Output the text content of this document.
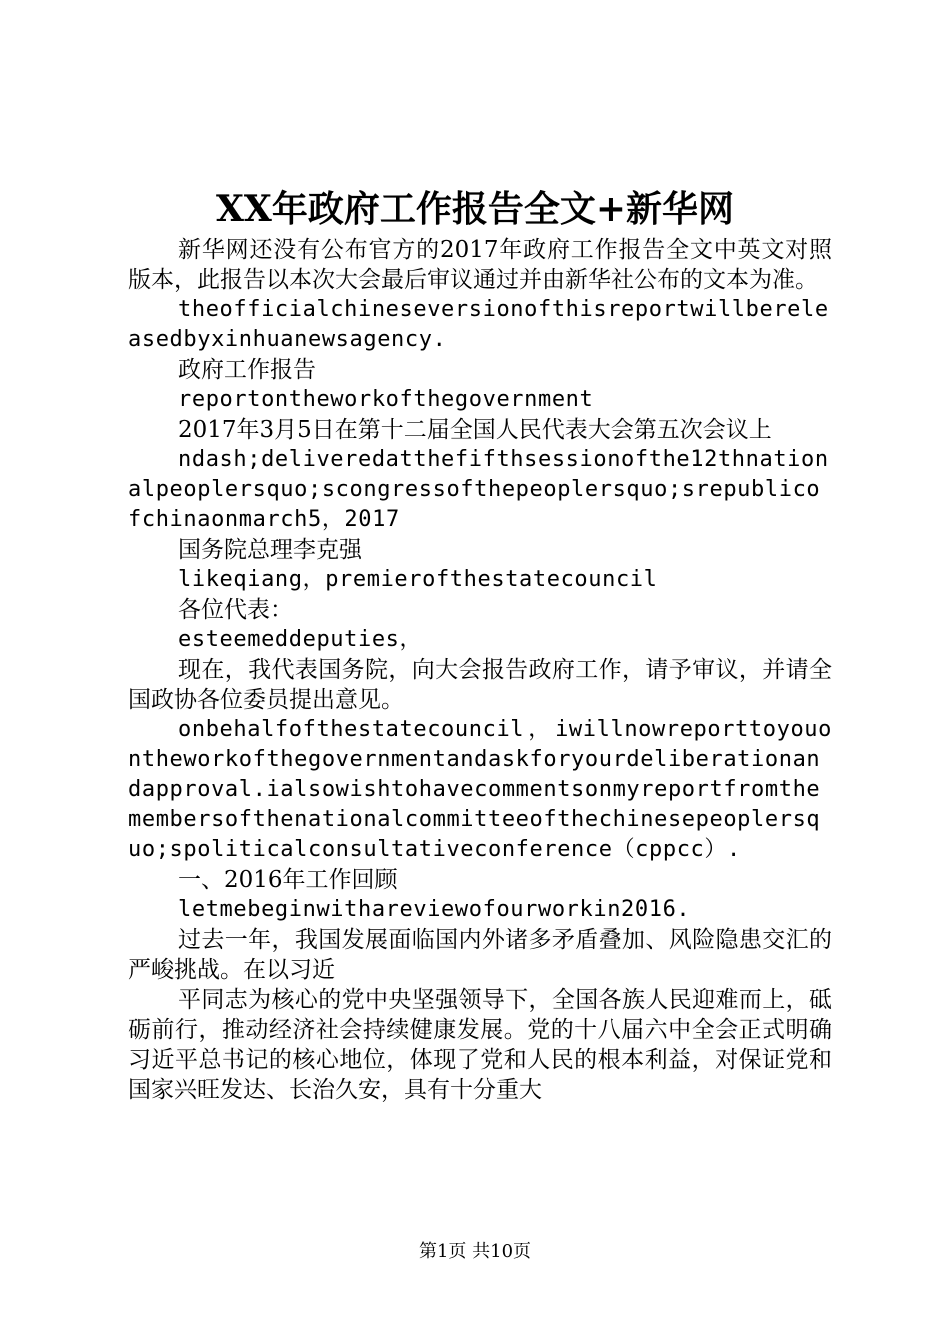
XX年政府工作报告全文+新华网

新华网还没有公布官方的2017年政府工作报告全文中英文对照版本，此报告以本次大会最后审议通过并由新华社公布的文本为准。

theofficialchineseversionofthisreportwillbereleasedbyxinhuanewsagency.

政府工作报告

reportontheworkofthegovernment

2017年3月5日在第十二届全国人民代表大会第五次会议上

ndash;deliveredatthefifthsessionofthe12thnationalpeoplersquo;scongressofthepeoplersquo;srepublicofchinaonmarch5，2017

国务院总理李克强

likeqiang，premierofthestatecouncil

各位代表：

esteemeddeputies，

现在，我代表国务院，向大会报告政府工作，请予审议，并请全国政协各位委员提出意见。

onbehalfofthestatecouncil，iwillnowreporttoyouontheworkofthegovernmentandaskforyourdeliberationandapproval.ialsowishtohavecommentsonmyreportfromthemembersofthenationalcommitteeofthechinesepeoplersquo;spoliticalconsultativeconference（cppcc）.

一、2016年工作回顾

letmebeginwithareviewofourworkin2016.

过去一年，我国发展面临国内外诸多矛盾叠加、风险隐患交汇的严峻挑战。在以习近

平同志为核心的党中央坚强领导下，全国各族人民迎难而上，砥砺前行，推动经济社会持续健康发展。党的十八届六中全会正式明确习近平总书记的核心地位，体现了党和人民的根本利益，对保证党和国家兴旺发达、长治久安，具有十分重大

第1页 共10页
